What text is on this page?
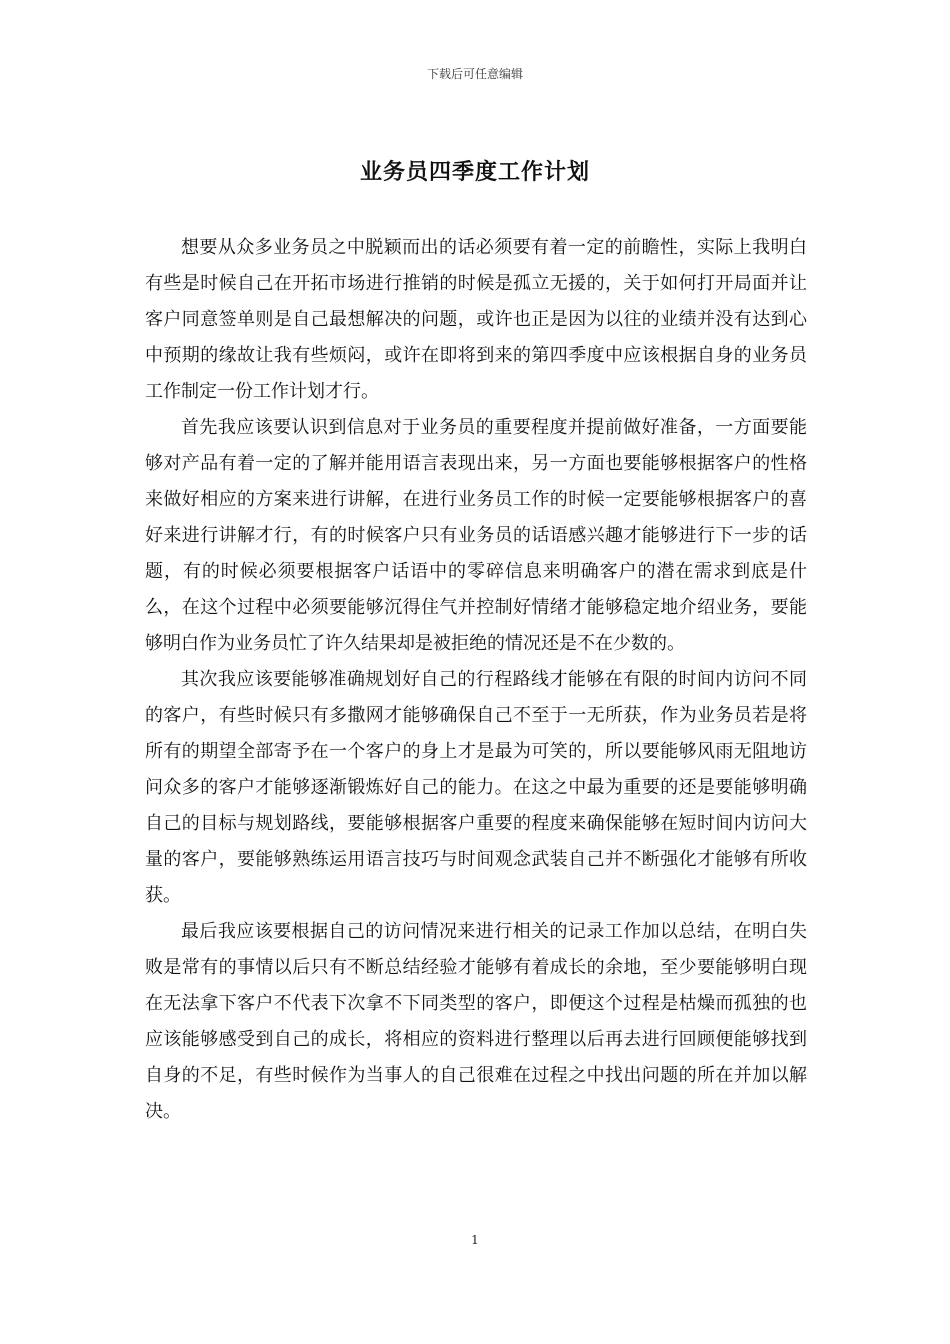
下载后可任意编辑
业务员四季度工作计划

想要从众多业务员之中脱颖而出的话必须要有着一定的前瞻性，实际上我明白有些是时候自己在开拓市场进行推销的时候是孤立无援的，关于如何打开局面并让客户同意签单则是自己最想解决的问题，或许也正是因为以往的业绩并没有达到心中预期的缘故让我有些烦闷，或许在即将到来的第四季度中应该根据自身的业务员工作制定一份工作计划才行。

首先我应该要认识到信息对于业务员的重要程度并提前做好准备，一方面要能够对产品有着一定的了解并能用语言表现出来，另一方面也要能够根据客户的性格来做好相应的方案来进行讲解，在进行业务员工作的时候一定要能够根据客户的喜好来进行讲解才行，有的时候客户只有业务员的话语感兴趣才能够进行下一步的话题，有的时候必须要根据客户话语中的零碎信息来明确客户的潜在需求到底是什么，在这个过程中必须要能够沉得住气并控制好情绪才能够稳定地介绍业务，要能够明白作为业务员忙了许久结果却是被拒绝的情况还是不在少数的。

其次我应该要能够准确规划好自己的行程路线才能够在有限的时间内访问不同的客户，有些时候只有多撒网才能够确保自己不至于一无所获，作为业务员若是将所有的期望全部寄予在一个客户的身上才是最为可笑的，所以要能够风雨无阻地访问众多的客户才能够逐渐锻炼好自己的能力。在这之中最为重要的还是要能够明确自己的目标与规划路线，要能够根据客户重要的程度来确保能够在短时间内访问大量的客户，要能够熟练运用语言技巧与时间观念武装自己并不断强化才能够有所收获。

最后我应该要根据自己的访问情况来进行相关的记录工作加以总结，在明白失败是常有的事情以后只有不断总结经验才能够有着成长的余地，至少要能够明白现在无法拿下客户不代表下次拿不下同类型的客户，即便这个过程是枯燥而孤独的也应该能够感受到自己的成长，将相应的资料进行整理以后再去进行回顾便能够找到自身的不足，有些时候作为当事人的自己很难在过程之中找出问题的所在并加以解决。

1
